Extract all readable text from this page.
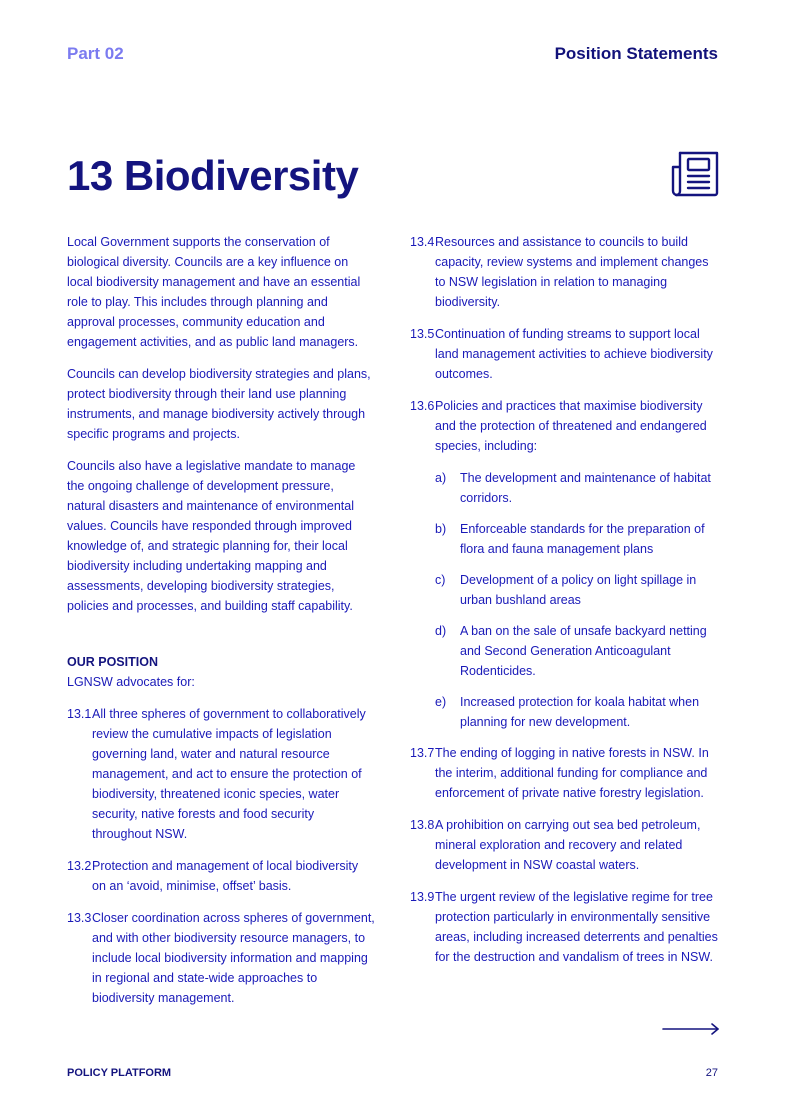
Part 02	Position Statements
13 Biodiversity

Local Government supports the conservation of biological diversity. Councils are a key influence on local biodiversity management and have an essential role to play. This includes through planning and approval processes, community education and engagement activities, and as public land managers.

Councils can develop biodiversity strategies and plans, protect biodiversity through their land use planning instruments, and manage biodiversity actively through specific programs and projects.

Councils also have a legislative mandate to manage the ongoing challenge of development pressure, natural disasters and maintenance of environmental values. Councils have responded through improved knowledge of, and strategic planning for, their local biodiversity including undertaking mapping and assessments, developing biodiversity strategies, policies and processes, and building staff capability.

OUR POSITION

LGNSW advocates for:

13.1 All three spheres of government to collaboratively review the cumulative impacts of legislation governing land, water and natural resource management, and act to ensure the protection of biodiversity, threatened iconic species, water security, native forests and food security throughout NSW.
13.2 Protection and management of local biodiversity on an ‘avoid, minimise, offset’ basis.
13.3 Closer coordination across spheres of government, and with other biodiversity resource managers, to include local biodiversity information and mapping in regional and state-wide approaches to biodiversity management.
13.4 Resources and assistance to councils to build capacity, review systems and implement changes to NSW legislation in relation to managing biodiversity.
13.5 Continuation of funding streams to support local land management activities to achieve biodiversity outcomes.
13.6 Policies and practices that maximise biodiversity and the protection of threatened and endangered species, including:
a) The development and maintenance of habitat corridors.
b) Enforceable standards for the preparation of flora and fauna management plans
c) Development of a policy on light spillage in urban bushland areas
d) A ban on the sale of unsafe backyard netting and Second Generation Anticoagulant Rodenticides.
e) Increased protection for koala habitat when planning for new development.
13.7 The ending of logging in native forests in NSW. In the interim, additional funding for compliance and enforcement of private native forestry legislation.
13.8 A prohibition on carrying out sea bed petroleum, mineral exploration and recovery and related development in NSW coastal waters.
13.9 The urgent review of the legislative regime for tree protection particularly in environmentally sensitive areas, including increased deterrents and penalties for the destruction and vandalism of trees in NSW.
POLICY PLATFORM	27
